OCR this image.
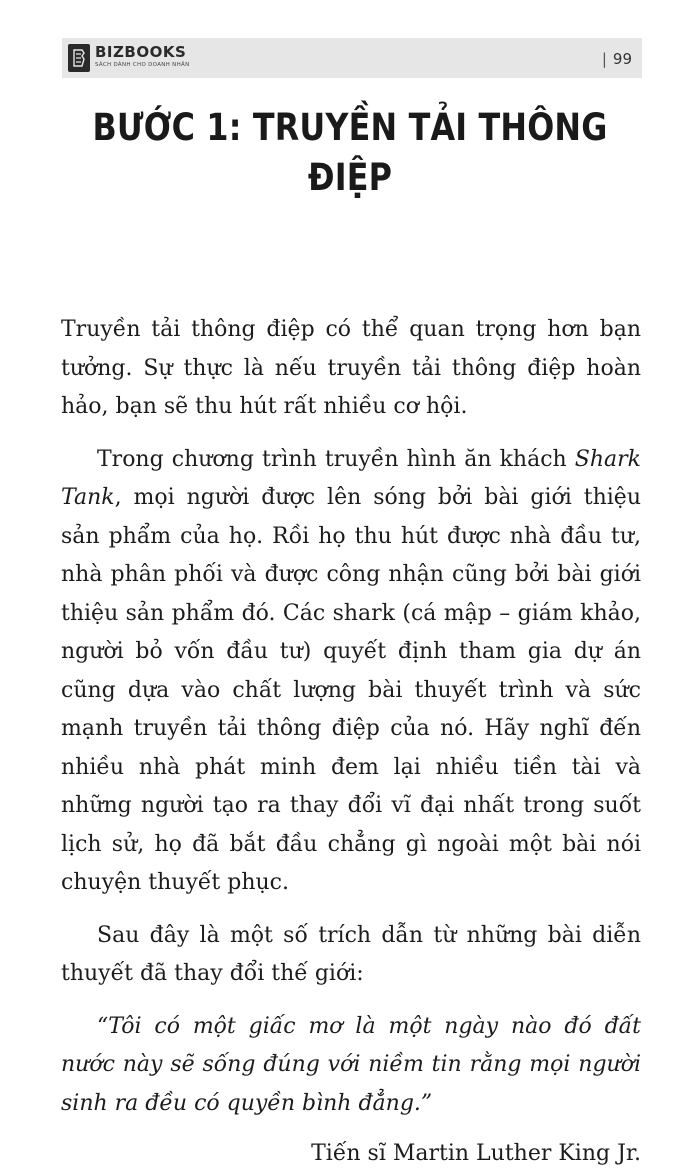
BIZBOOKS
SÁCH DÀNH CHO DOANH NHÂN	| 99
BƯỚC 1: TRUYỀN TẢI THÔNG ĐIỆP

Truyền tải thông điệp có thể quan trọng hơn bạn tưởng. Sự thực là nếu truyền tải thông điệp hoàn hảo, bạn sẽ thu hút rất nhiều cơ hội.

Trong chương trình truyền hình ăn khách Shark Tank, mọi người được lên sóng bởi bài giới thiệu sản phẩm của họ. Rồi họ thu hút được nhà đầu tư, nhà phân phối và được công nhận cũng bởi bài giới thiệu sản phẩm đó. Các shark (cá mập – giám khảo, người bỏ vốn đầu tư) quyết định tham gia dự án cũng dựa vào chất lượng bài thuyết trình và sức mạnh truyền tải thông điệp của nó. Hãy nghĩ đến nhiều nhà phát minh đem lại nhiều tiền tài và những người tạo ra thay đổi vĩ đại nhất trong suốt lịch sử, họ đã bắt đầu chẳng gì ngoài một bài nói chuyện thuyết phục.

Sau đây là một số trích dẫn từ những bài diễn thuyết đã thay đổi thế giới:

“Tôi có một giấc mơ là một ngày nào đó đất nước này sẽ sống đúng với niềm tin rằng mọi người sinh ra đều có quyền bình đẳng.”

Tiến sĩ Martin Luther King Jr.
